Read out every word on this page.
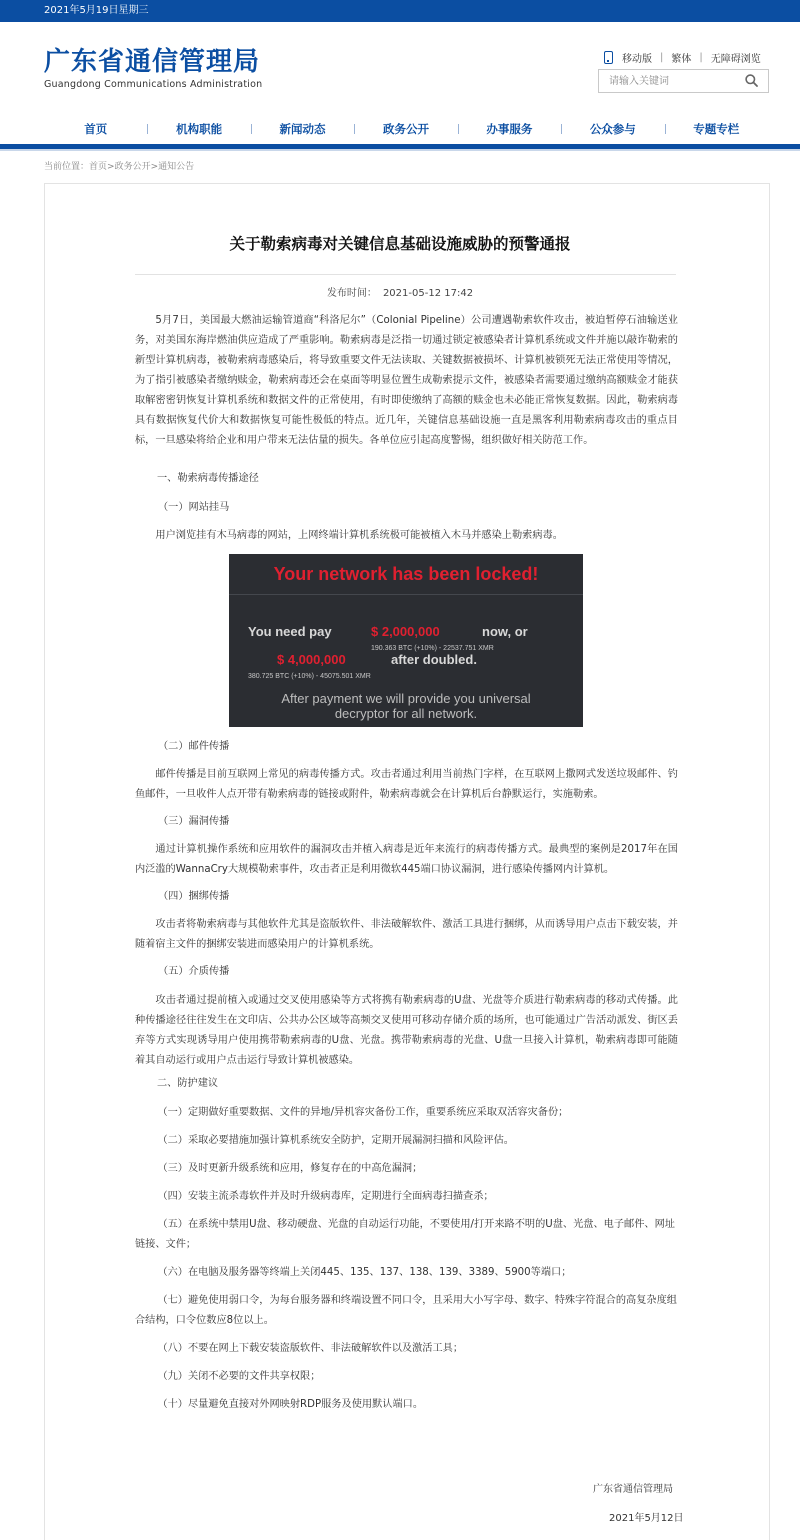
2021年5月19日星期三
广东省通信管理局
Guangdong Communications Administration
移动版 | 繁体 | 无障碍浏览
请输入关键词
首页	机构职能	新闻动态	政务公开	办事服务	公众参与	专题专栏
当前位置： 首页 > 政务公开 > 通知公告
关于勒索病毒对关键信息基础设施威胁的预警通报
发布时间： 2021-05-12 17:42

5月7日，美国最大燃油运输管道商“科洛尼尔”（Colonial Pipeline）公司遭遇勒索软件攻击，被迫暂停石油输送业务，对美国东海岸燃油供应造成了严重影响。勒索病毒是泛指一切通过锁定被感染者计算机系统或文件并施以敲诈勒索的新型计算机病毒，被勒索病毒感染后，将导致重要文件无法读取、关键数据被损坏、计算机被锁死无法正常使用等情况，为了指引被感染者缴纳赎金，勒索病毒还会在桌面等明显位置生成勒索提示文件，被感染者需要通过缴纳高额赎金才能获取解密密钥恢复计算机系统和数据文件的正常使用，有时即使缴纳了高额的赎金也未必能正常恢复数据。因此，勒索病毒具有数据恢复代价大和数据恢复可能性极低的特点。近几年，关键信息基础设施一直是黑客利用勒索病毒攻击的重点目标，一旦感染将给企业和用户带来无法估量的损失。各单位应引起高度警惕，组织做好相关防范工作。

一、勒索病毒传播途径
（一）网站挂马

用户浏览挂有木马病毒的网站，上网终端计算机系统极可能被植入木马并感染上勒索病毒。

Your network has been locked!
You need pay	$ 2,000,000	now, or
190.363 BTC (+10%) - 22537.751 XMR
$ 4,000,000	after doubled.
380.725 BTC (+10%) - 45075.501 XMR
After payment we will provide you universal
decryptor for all network.
（二）邮件传播

邮件传播是目前互联网上常见的病毒传播方式。攻击者通过利用当前热门字样，在互联网上撒网式发送垃圾邮件、钓鱼邮件，一旦收件人点开带有勒索病毒的链接或附件，勒索病毒就会在计算机后台静默运行，实施勒索。

（三）漏洞传播

通过计算机操作系统和应用软件的漏洞攻击并植入病毒是近年来流行的病毒传播方式。最典型的案例是2017年在国内泛滥的WannaCry大规模勒索事件，攻击者正是利用微软445端口协议漏洞，进行感染传播网内计算机。

（四）捆绑传播

攻击者将勒索病毒与其他软件尤其是盗版软件、非法破解软件、激活工具进行捆绑，从而诱导用户点击下载安装，并随着宿主文件的捆绑安装进而感染用户的计算机系统。

（五）介质传播

攻击者通过提前植入或通过交叉使用感染等方式将携有勒索病毒的U盘、光盘等介质进行勒索病毒的移动式传播。此种传播途径往往发生在文印店、公共办公区域等高频交叉使用可移动存储介质的场所，也可能通过广告活动派发、街区丢弃等方式实现诱导用户使用携带勒索病毒的U盘、光盘。携带勒索病毒的光盘、U盘一旦接入计算机，勒索病毒即可能随着其自动运行或用户点击运行导致计算机被感染。

二、防护建议

（一）定期做好重要数据、文件的异地/异机容灾备份工作，重要系统应采取双活容灾备份；

（二）采取必要措施加强计算机系统安全防护，定期开展漏洞扫描和风险评估。

（三）及时更新升级系统和应用，修复存在的中高危漏洞；

（四）安装主流杀毒软件并及时升级病毒库，定期进行全面病毒扫描查杀；

（五）在系统中禁用U盘、移动硬盘、光盘的自动运行功能，不要使用/打开来路不明的U盘、光盘、电子邮件、网址链接、文件；

（六）在电脑及服务器等终端上关闭445、135、137、138、139、3389、5900等端口；

（七）避免使用弱口令，为每台服务器和终端设置不同口令，且采用大小写字母、数字、特殊字符混合的高复杂度组合结构，口令位数应8位以上。

（八）不要在网上下载安装盗版软件、非法破解软件以及激活工具；

（九）关闭不必要的文件共享权限；

（十）尽量避免直接对外网映射RDP服务及使用默认端口。

广东省通信管理局
2021年5月12日
